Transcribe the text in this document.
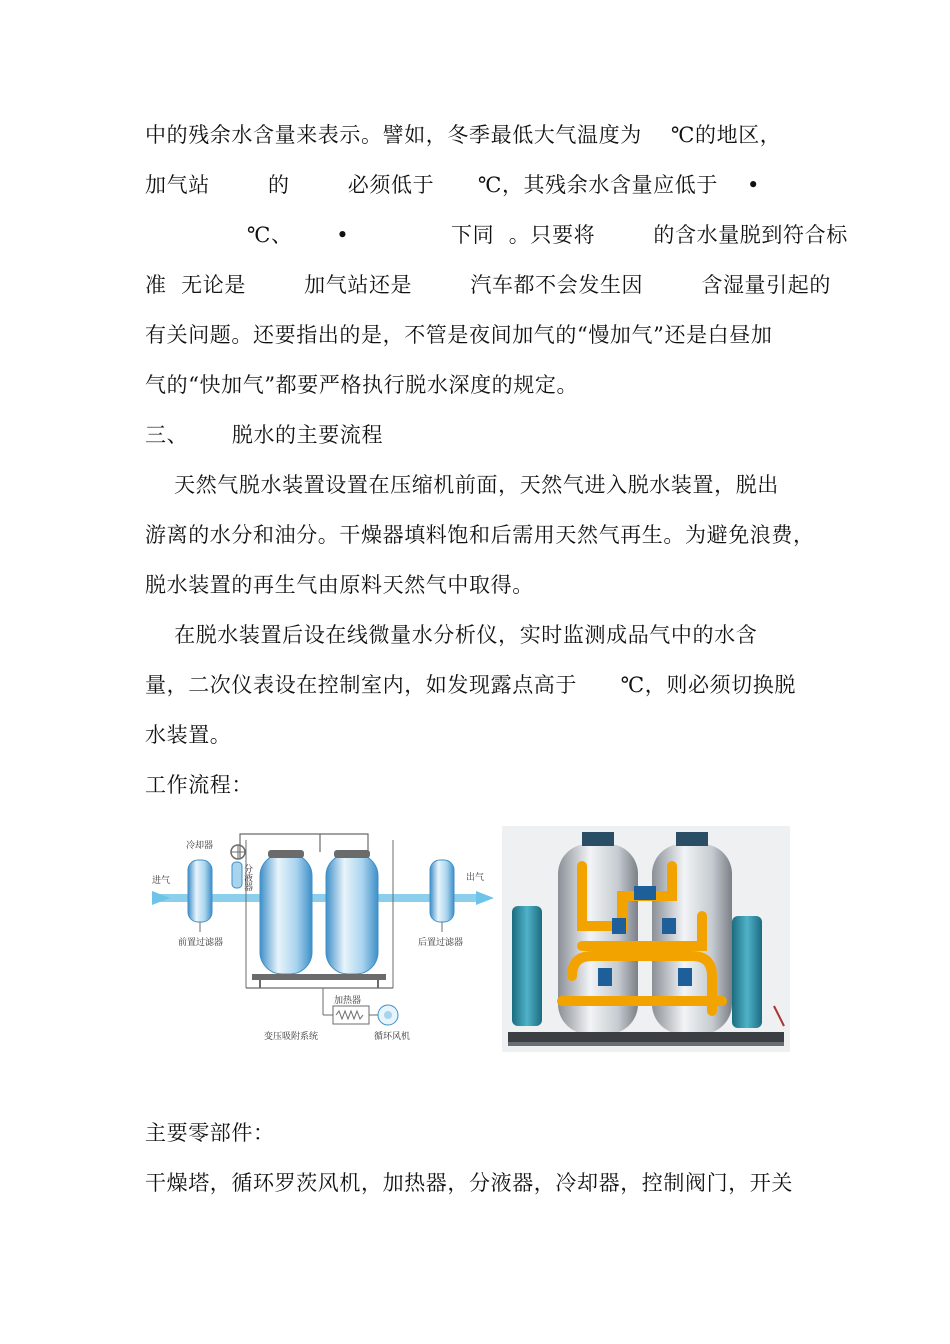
中的残余水含量来表示。譬如，冬季最低大气温度为    ℃的地区，
加气站        的        必须低于      ℃，其残余水含量应低于    •
℃、      •              下同  。只要将        的含水量脱到符合标
准  无论是        加气站还是        汽车都不会发生因        含湿量引起的
有关问题。还要指出的是，不管是夜间加气的“慢加气”还是白昼加
气的“快加气”都要严格执行脱水深度的规定。
三、      脱水的主要流程
天然气脱水装置设置在压缩机前面，天然气进入脱水装置，脱出
游离的水分和油分。干燥器填料饱和后需用天然气再生。为避免浪费，
脱水装置的再生气由原料天然气中取得。
在脱水装置后设在线微量水分析仪，实时监测成品气中的水含
量，二次仪表设在控制室内，如发现露点高于      ℃，则必须切换脱
水装置。
工作流程：
冷却器
进气	出气
前置过滤器	后置过滤器
加热器
变压吸附系统	循环风机
分液器
主要零部件：
干燥塔，循环罗茨风机，加热器，分液器，冷却器，控制阀门，开关
